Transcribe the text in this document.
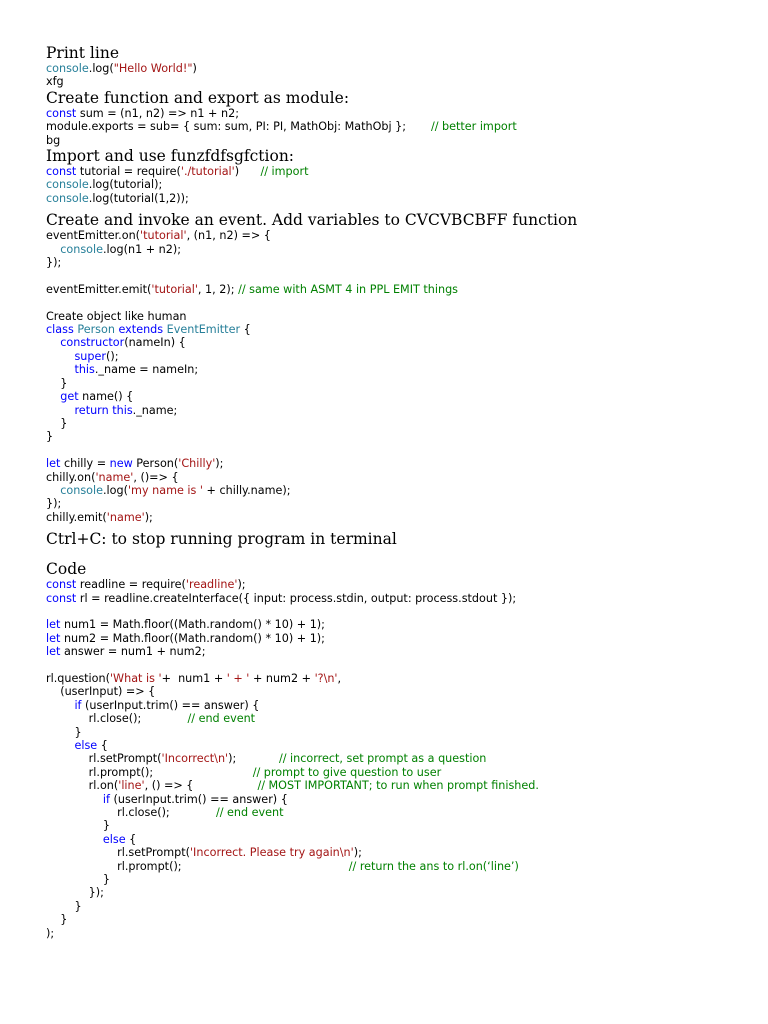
Print line
console.log("Hello World!")
xfg
Create function and export as module:
const sum = (n1, n2) => n1 + n2;
module.exports = sub= { sum: sum, PI: PI, MathObj: MathObj };       // better import
bg
Import and use funzfdfsgfction:
const tutorial = require('./tutorial')      // import
console.log(tutorial);
console.log(tutorial(1,2));
Create and invoke an event. Add variables to CVCVBCBFF function
eventEmitter.on('tutorial', (n1, n2) => {
console.log(n1 + n2);
});
eventEmitter.emit('tutorial', 1, 2); // same with ASMT 4 in PPL EMIT things
Create object like human
class Person extends EventEmitter {
constructor(nameIn) {
super();
this._name = nameIn;
}
get name() {
return this._name;
}
}
let chilly = new Person('Chilly');
chilly.on('name', ()=> {
console.log('my name is ' + chilly.name);
});
chilly.emit('name');
Ctrl+C: to stop running program in terminal
Code
const readline = require('readline');
const rl = readline.createInterface({ input: process.stdin, output: process.stdout });
let num1 = Math.floor((Math.random() * 10) + 1);
let num2 = Math.floor((Math.random() * 10) + 1);
let answer = num1 + num2;
rl.question('What is '+  num1 + ' + ' + num2 + '?\n',
(userInput) => {
if (userInput.trim() == answer) {
rl.close();             // end event
}
else {
rl.setPrompt('Incorrect\n');            // incorrect, set prompt as a question
rl.prompt();                            // prompt to give question to user
rl.on('line', () => {                  // MOST IMPORTANT; to run when prompt finished.
if (userInput.trim() == answer) {
rl.close();             // end event
}
else {
rl.setPrompt('Incorrect. Please try again\n');
rl.prompt();                                               // return the ans to rl.on(‘line’)
}
});
}
}
);
